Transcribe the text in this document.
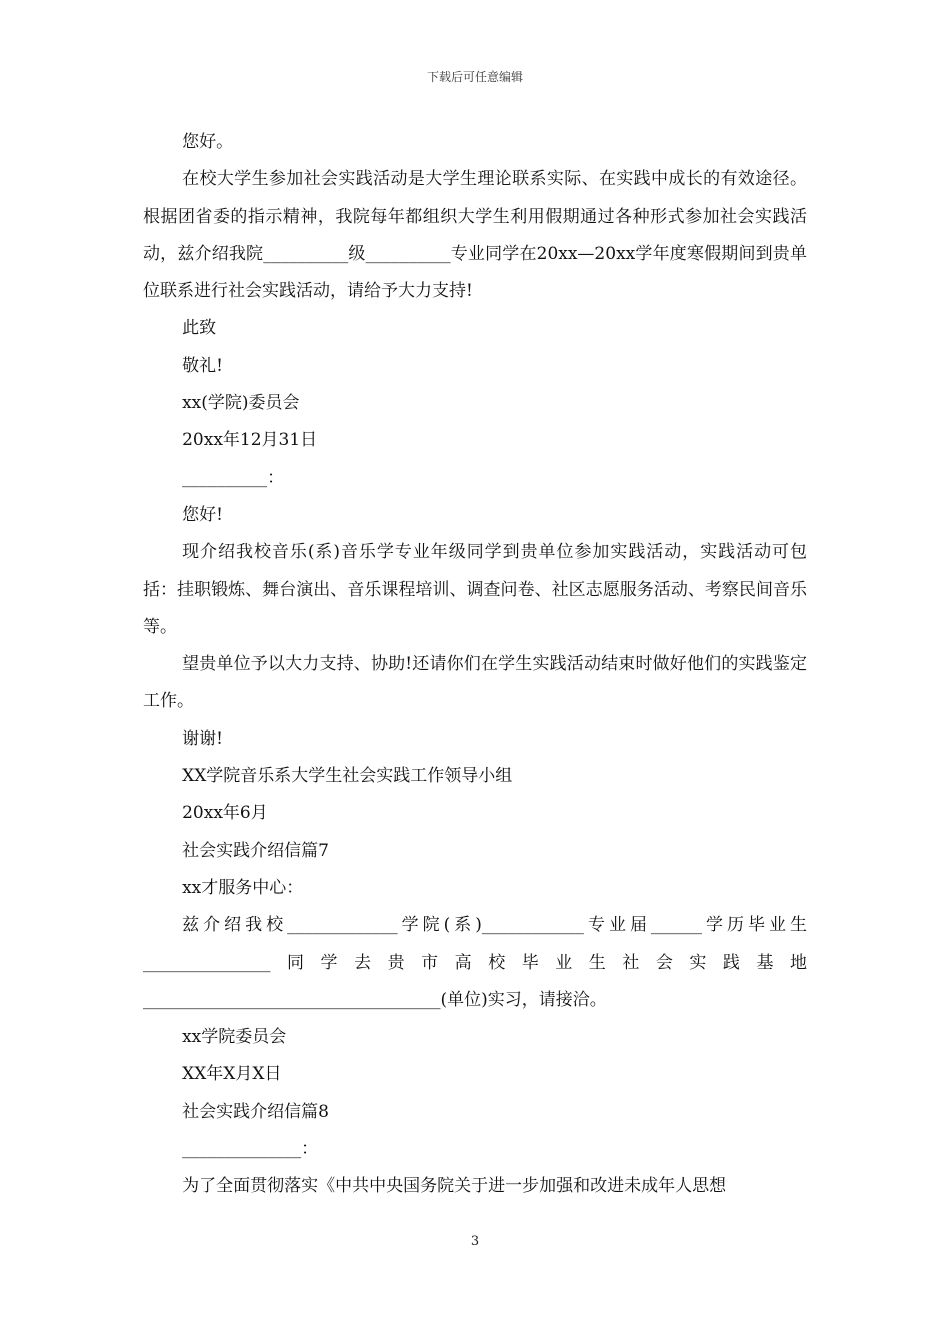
下载后可任意编辑

您好。

在校大学生参加社会实践活动是大学生理论联系实际、在实践中成长的有效途径。根据团省委的指示精神，我院每年都组织大学生利用假期通过各种形式参加社会实践活动，兹介绍我院__________级__________专业同学在20xx—20xx学年度寒假期间到贵单位联系进行社会实践活动，请给予大力支持!

此致

敬礼!

xx(学院)委员会

20xx年12月31日

__________：

您好!

现介绍我校音乐(系)音乐学专业年级同学到贵单位参加实践活动，实践活动可包括：挂职锻炼、舞台演出、音乐课程培训、调查问卷、社区志愿服务活动、考察民间音乐等。

望贵单位予以大力支持、协助!还请你们在学生实践活动结束时做好他们的实践鉴定工作。

谢谢!

XX学院音乐系大学生社会实践工作领导小组

20xx年6月

社会实践介绍信篇7

xx才服务中心：

兹介绍我校_____________学院(系)____________专业届______学历毕业生_______________同学去贵市高校毕业生社会实践基地___________________________________(单位)实习，请接洽。

xx学院委员会

XX年X月X日

社会实践介绍信篇8

______________：

为了全面贯彻落实《中共中央国务院关于进一步加强和改进未成年人思想

3
